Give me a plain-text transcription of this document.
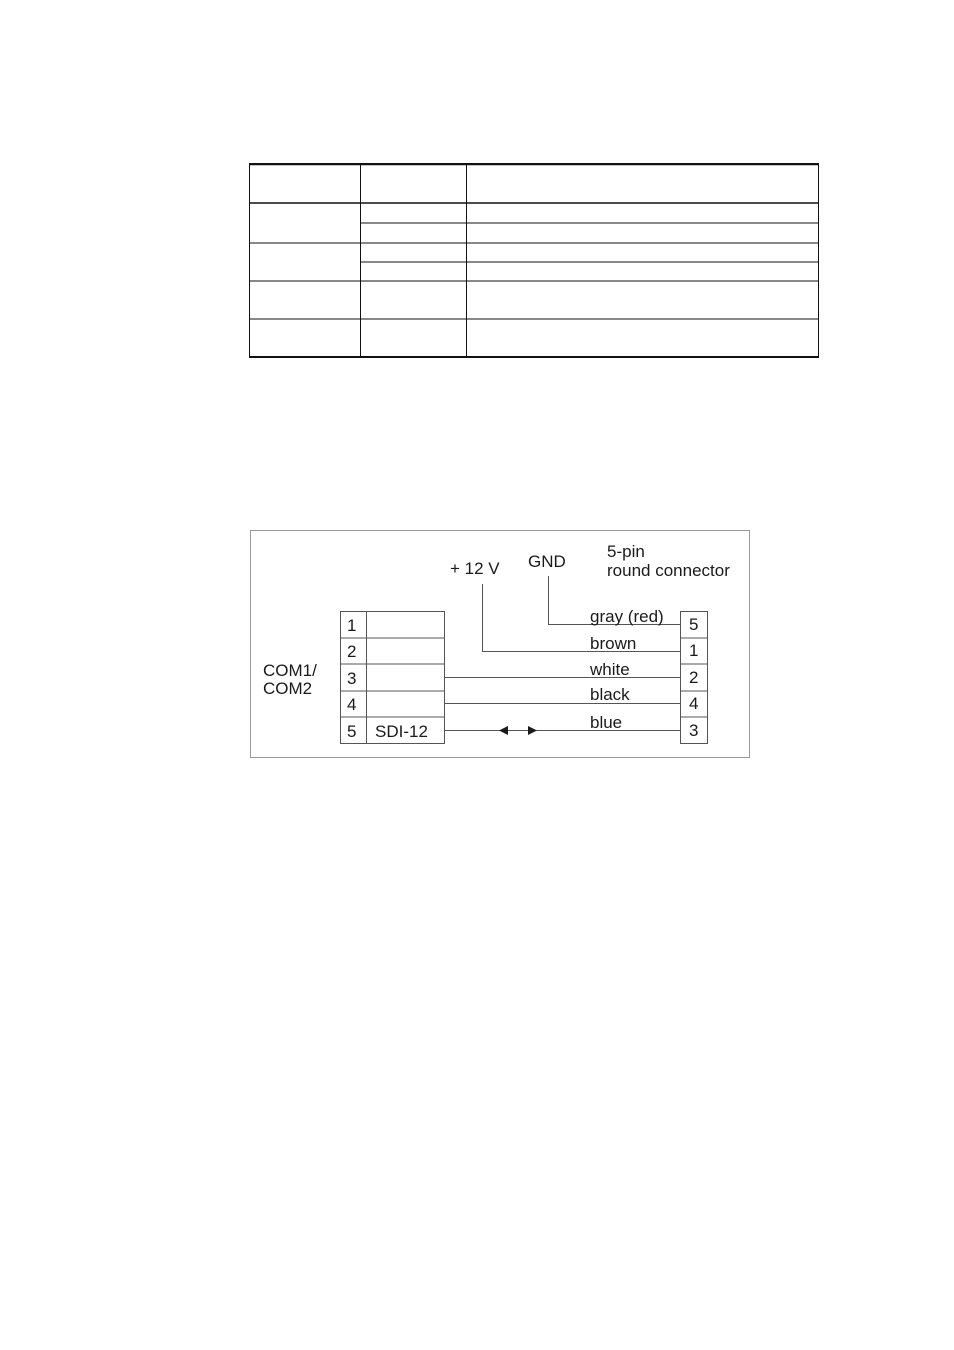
COM1/ COM2
1
2
3
4
5 SDI-12
5-pin round connector
5
1
2
4
3
+ 12 V GND
gray (red)
brown
white
black
blue
